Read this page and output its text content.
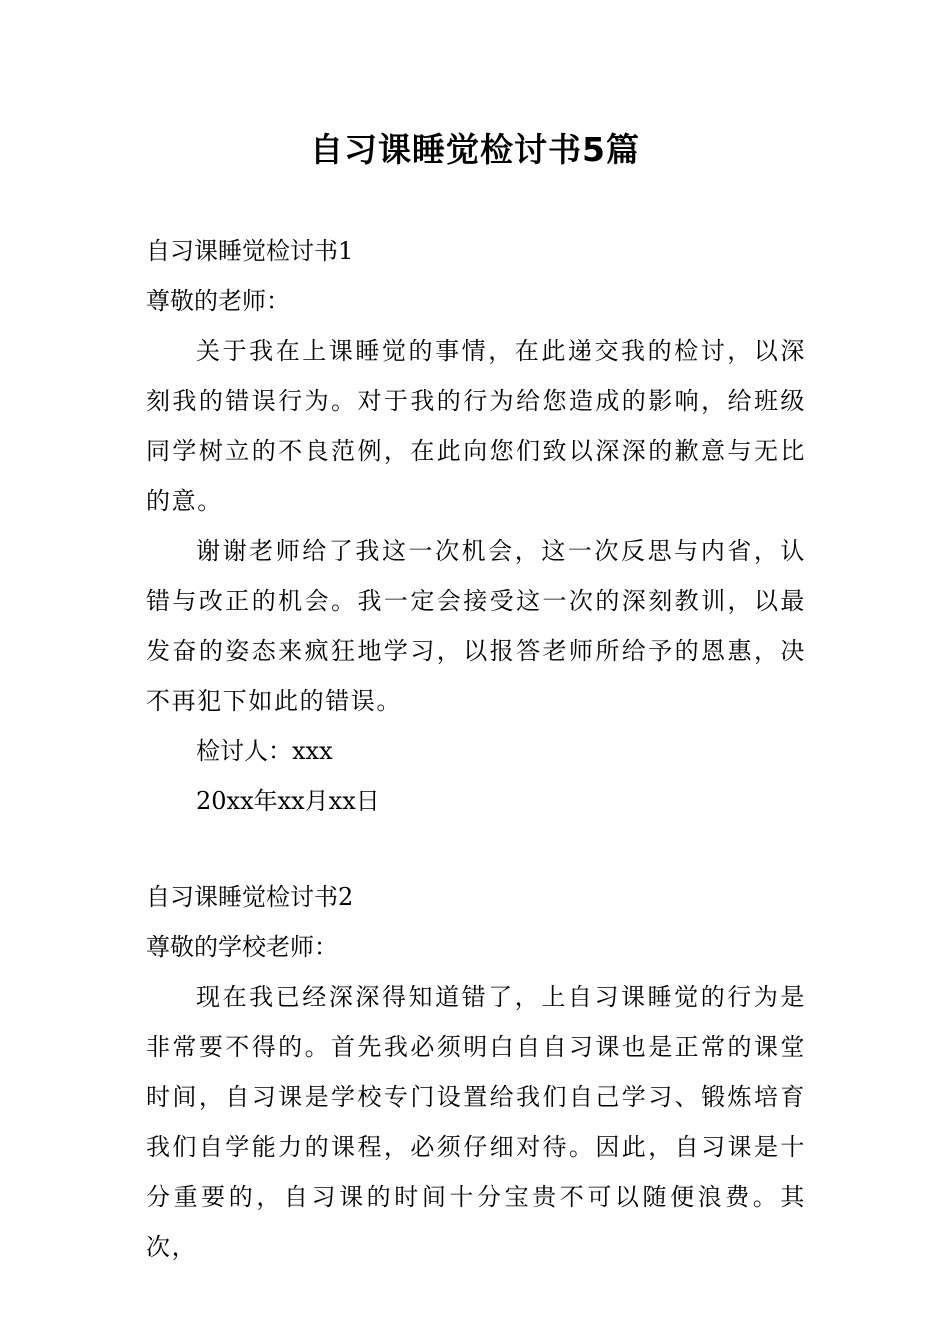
自习课睡觉检讨书5篇

自习课睡觉检讨书1

尊敬的老师：

关于我在上课睡觉的事情，在此递交我的检讨，以深刻我的错误行为。对于我的行为给您造成的影响，给班级同学树立的不良范例，在此向您们致以深深的歉意与无比的意。

谢谢老师给了我这一次机会，这一次反思与内省，认错与改正的机会。我一定会接受这一次的深刻教训，以最发奋的姿态来疯狂地学习，以报答老师所给予的恩惠，决不再犯下如此的错误。

检讨人：xxx

20xx年xx月xx日

自习课睡觉检讨书2

尊敬的学校老师：

现在我已经深深得知道错了，上自习课睡觉的行为是非常要不得的。首先我必须明白自自习课也是正常的课堂时间，自习课是学校专门设置给我们自己学习、锻炼培育我们自学能力的课程，必须仔细对待。因此，自习课是十分重要的，自习课的时间十分宝贵不可以随便浪费。其次，
